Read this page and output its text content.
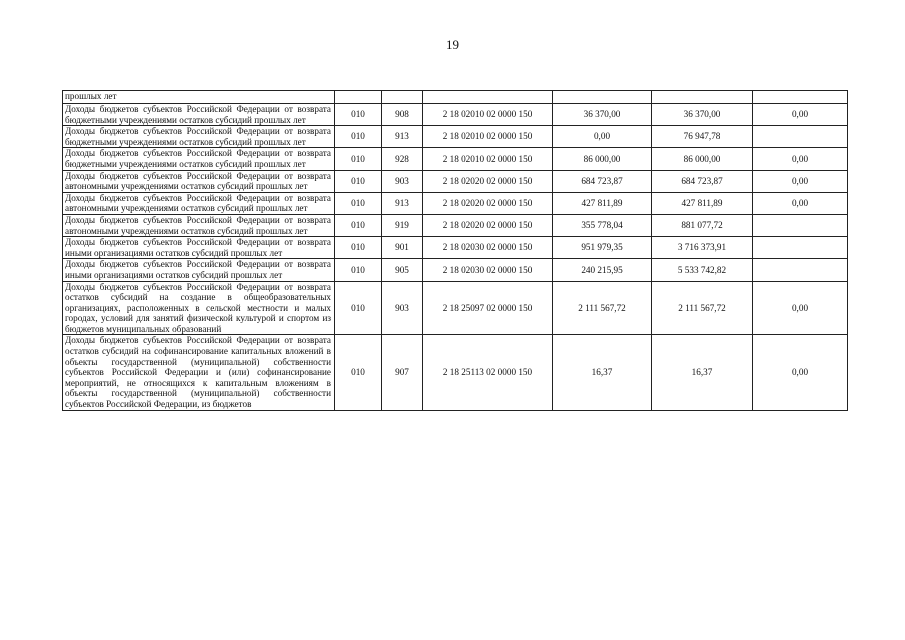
19
прошлых лет						
Доходы бюджетов субъектов Российской Федерации от возврата бюджетными учреждениями остатков субсидий прошлых лет	010	908	2 18 02010 02 0000 150	36 370,00	36 370,00	0,00
Доходы бюджетов субъектов Российской Федерации от возврата бюджетными учреждениями остатков субсидий прошлых лет	010	913	2 18 02010 02 0000 150	0,00	76 947,78	
Доходы бюджетов субъектов Российской Федерации от возврата бюджетными учреждениями остатков субсидий прошлых лет	010	928	2 18 02010 02 0000 150	86 000,00	86 000,00	0,00
Доходы бюджетов субъектов Российской Федерации от возврата автономными учреждениями остатков субсидий прошлых лет	010	903	2 18 02020 02 0000 150	684 723,87	684 723,87	0,00
Доходы бюджетов субъектов Российской Федерации от возврата автономными учреждениями остатков субсидий прошлых лет	010	913	2 18 02020 02 0000 150	427 811,89	427 811,89	0,00
Доходы бюджетов субъектов Российской Федерации от возврата автономными учреждениями остатков субсидий прошлых лет	010	919	2 18 02020 02 0000 150	355 778,04	881 077,72	
Доходы бюджетов субъектов Российской Федерации от возврата иными организациями остатков субсидий прошлых лет	010	901	2 18 02030 02 0000 150	951 979,35	3 716 373,91	
Доходы бюджетов субъектов Российской Федерации от возврата иными организациями остатков субсидий прошлых лет	010	905	2 18 02030 02 0000 150	240 215,95	5 533 742,82	
Доходы бюджетов субъектов Российской Федерации от возврата остатков субсидий на создание в общеобразовательных организациях, расположенных в сельской местности и малых городах, условий для занятий физической культурой и спортом из бюджетов муниципальных образований	010	903	2 18 25097 02 0000 150	2 111 567,72	2 111 567,72	0,00
Доходы бюджетов субъектов Российской Федерации от возврата остатков субсидий на софинансирование капитальных вложений в объекты государственной (муниципальной) собственности субъектов Российской Федерации и (или) софинансирование мероприятий, не относящихся к капитальным вложениям в объекты государственной (муниципальной) собственности субъектов Российской Федерации, из бюджетов	010	907	2 18 25113 02 0000 150	16,37	16,37	0,00
